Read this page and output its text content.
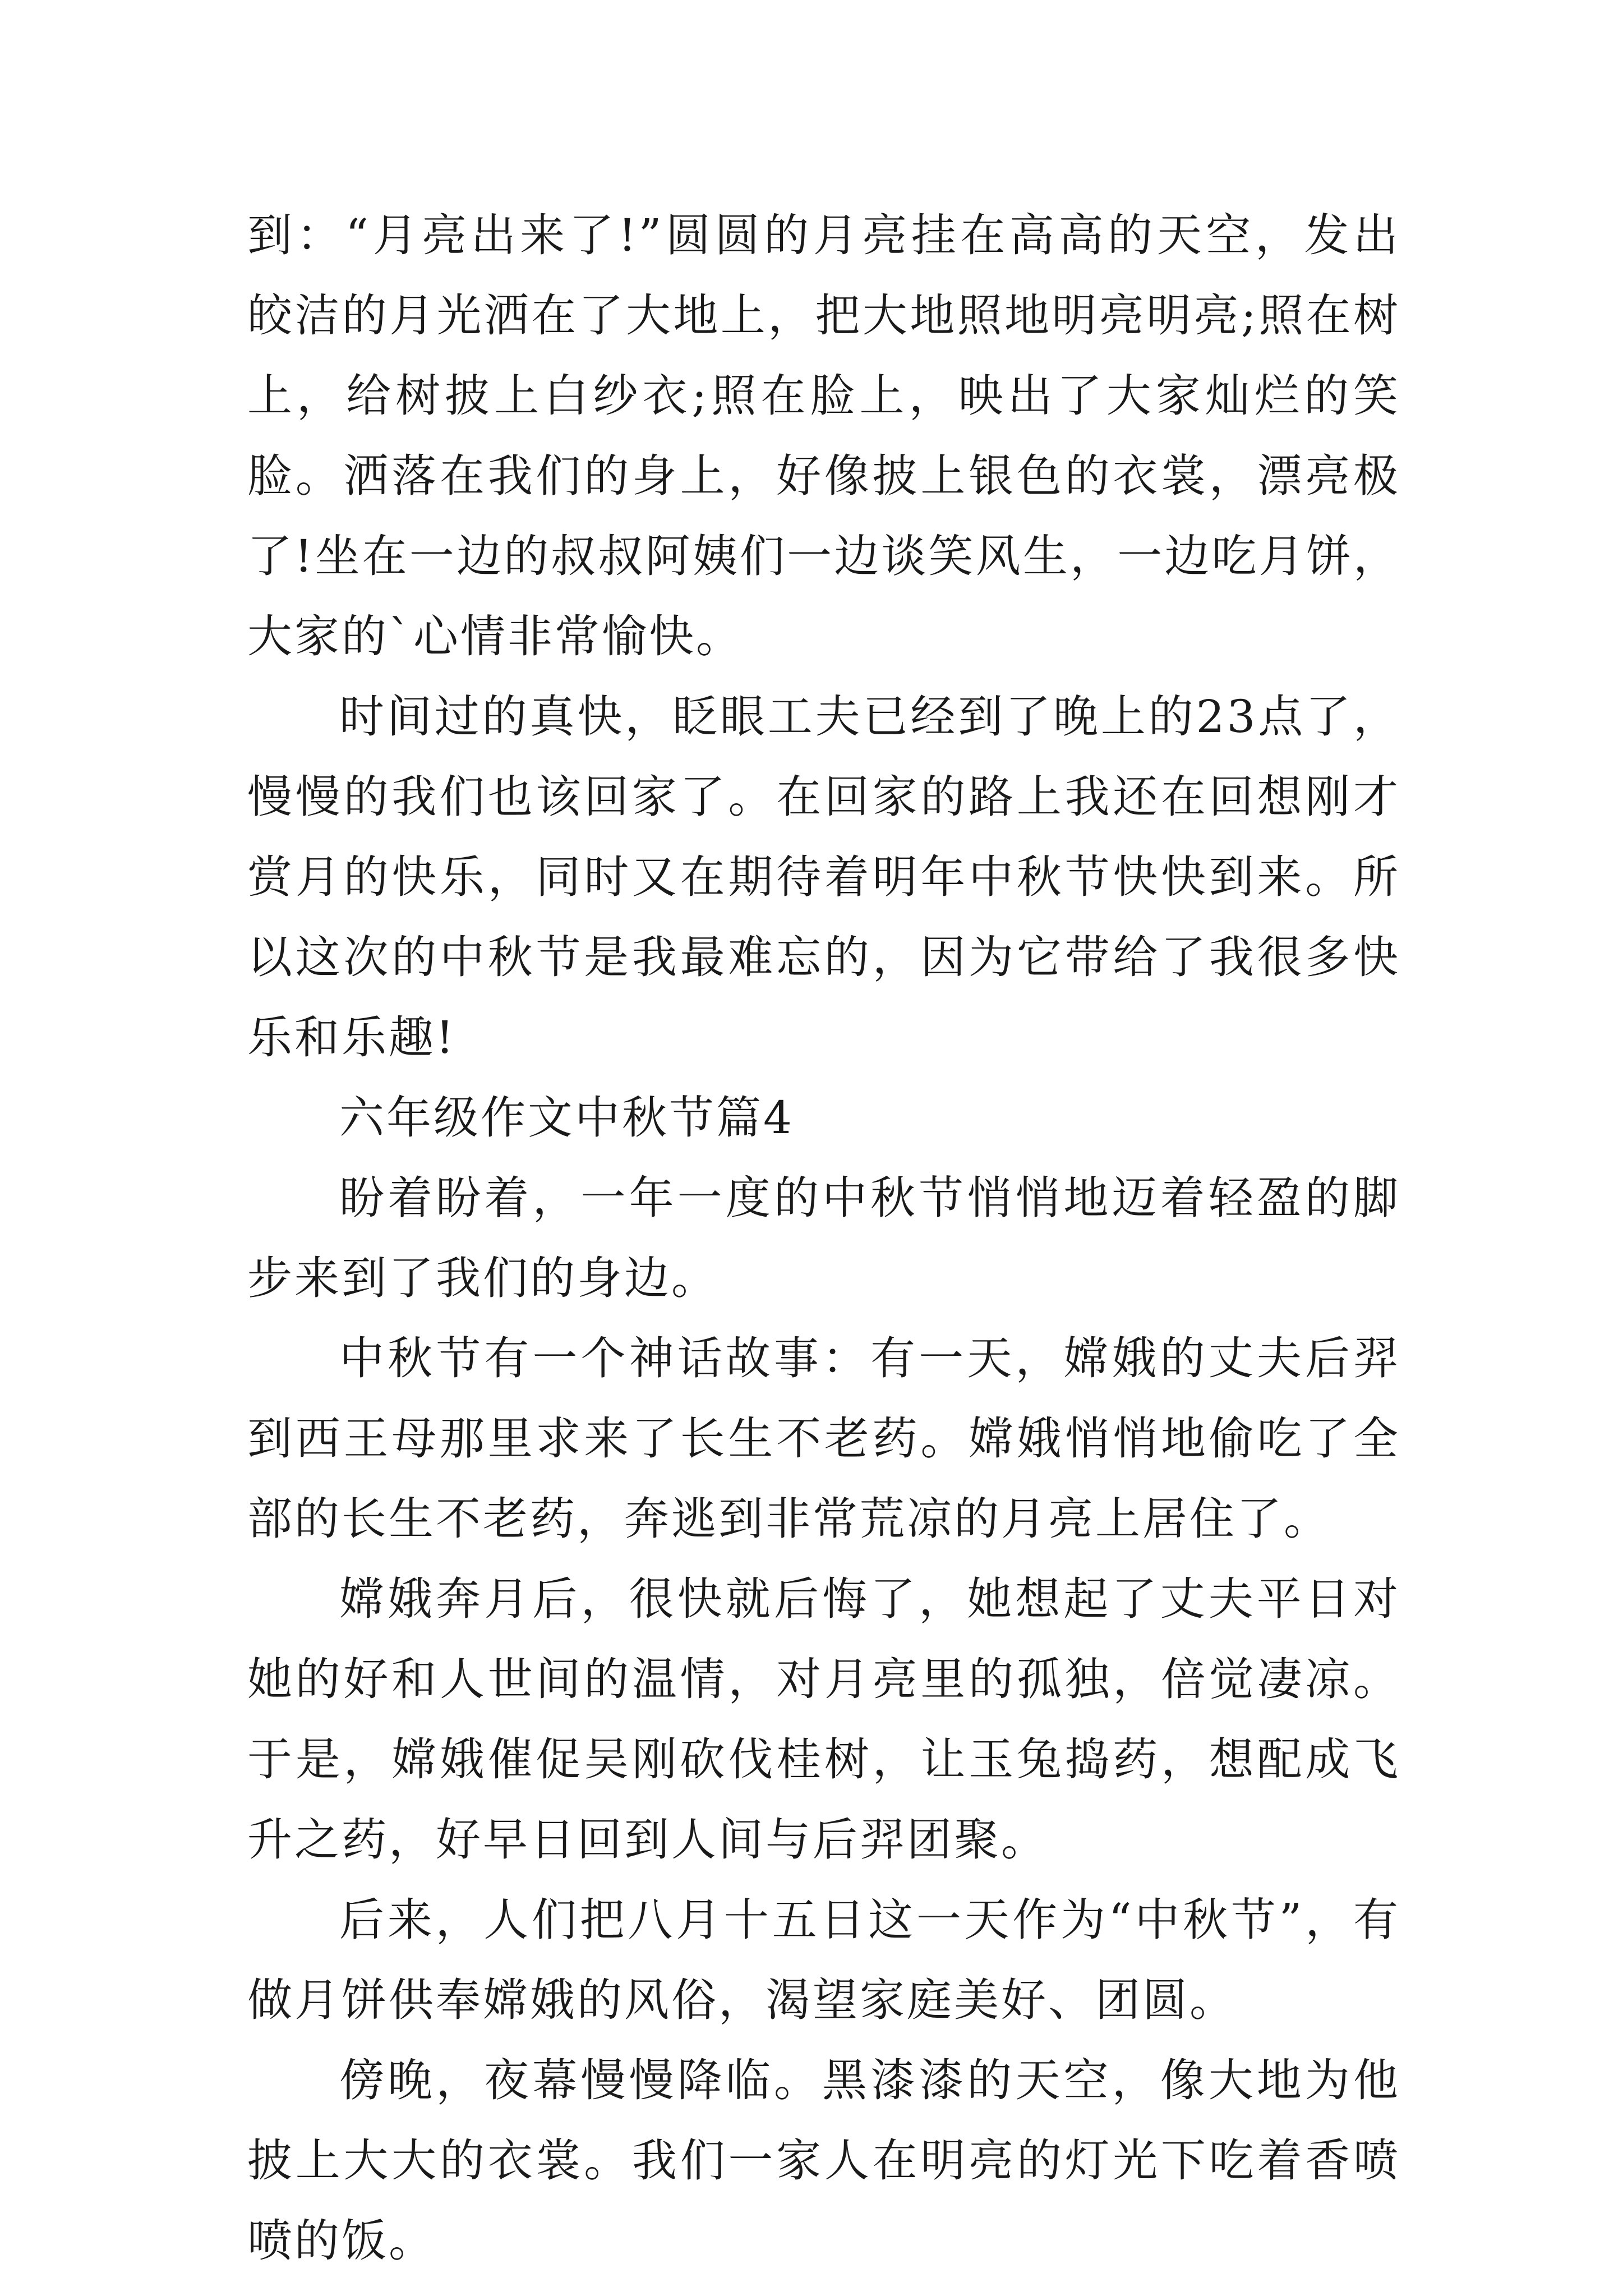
到：“月亮出来了!”圆圆的月亮挂在高高的天空，发出皎洁的月光洒在了大地上，把大地照地明亮明亮;照在树上，给树披上白纱衣;照在脸上，映出了大家灿烂的笑脸。洒落在我们的身上，好像披上银色的衣裳，漂亮极了!坐在一边的叔叔阿姨们一边谈笑风生，一边吃月饼，大家的`心情非常愉快。

时间过的真快，眨眼工夫已经到了晚上的23点了，慢慢的我们也该回家了。在回家的路上我还在回想刚才赏月的快乐，同时又在期待着明年中秋节快快到来。所以这次的中秋节是我最难忘的，因为它带给了我很多快乐和乐趣!

六年级作文中秋节篇4

盼着盼着，一年一度的中秋节悄悄地迈着轻盈的脚步来到了我们的身边。

中秋节有一个神话故事：有一天，嫦娥的丈夫后羿到西王母那里求来了长生不老药。嫦娥悄悄地偷吃了全部的长生不老药，奔逃到非常荒凉的月亮上居住了。

嫦娥奔月后，很快就后悔了，她想起了丈夫平日对她的好和人世间的温情，对月亮里的孤独，倍觉凄凉。于是，嫦娥催促吴刚砍伐桂树，让玉兔捣药，想配成飞升之药，好早日回到人间与后羿团聚。

后来，人们把八月十五日这一天作为“中秋节”，有做月饼供奉嫦娥的风俗，渴望家庭美好、团圆。

傍晚，夜幕慢慢降临。黑漆漆的天空，像大地为他披上大大的衣裳。我们一家人在明亮的灯光下吃着香喷喷的饭。
